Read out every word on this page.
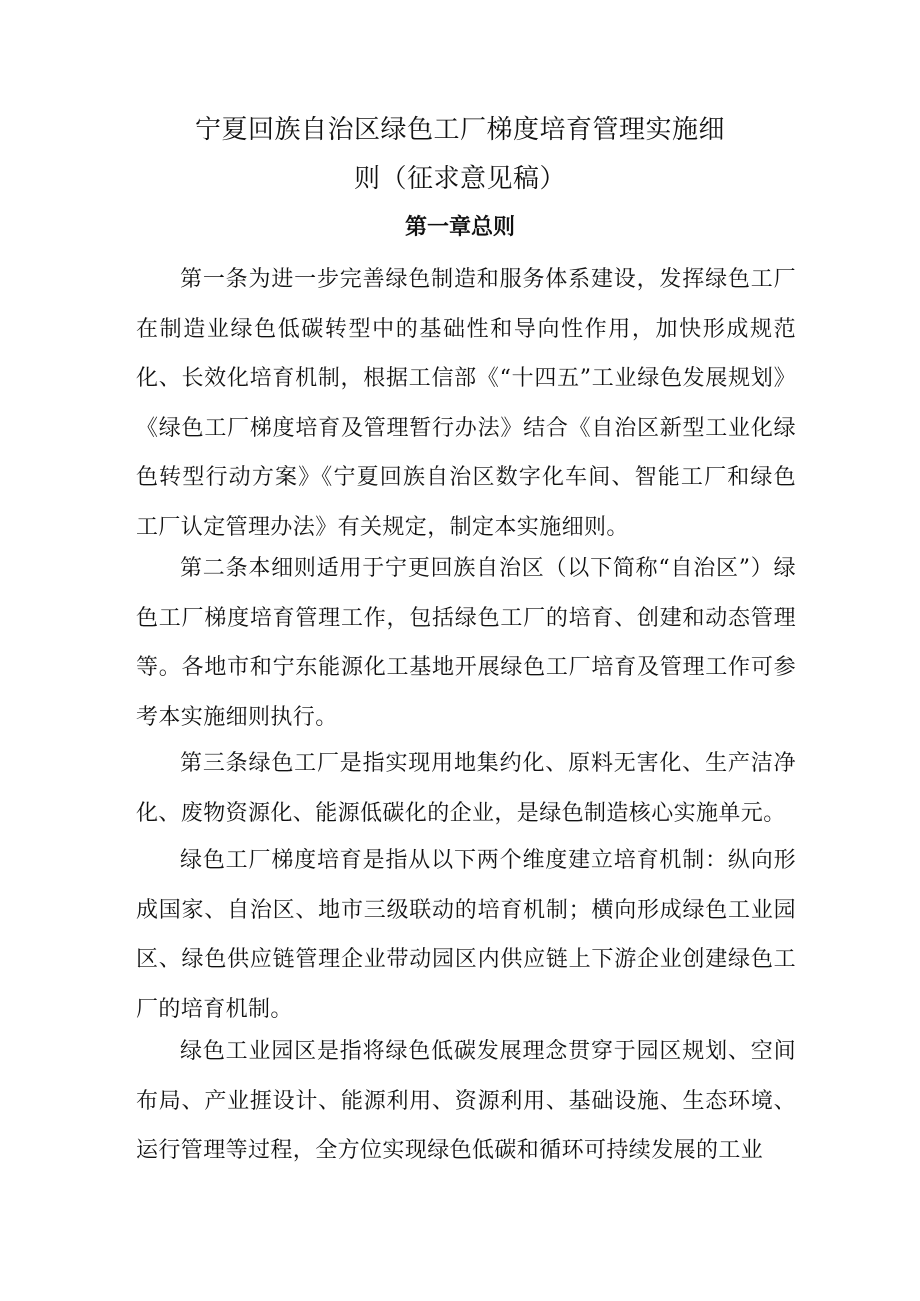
宁夏回族自治区绿色工厂梯度培育管理实施细
则（征求意见稿）
第一章总则

第一条为进一步完善绿色制造和服务体系建设，发挥绿色工厂在制造业绿色低碳转型中的基础性和导向性作用，加快形成规范化、长效化培育机制，根据工信部《“十四五”工业绿色发展规划》《绿色工厂梯度培育及管理暂行办法》结合《自治区新型工业化绿色转型行动方案》《宁夏回族自治区数字化车间、智能工厂和绿色工厂认定管理办法》有关规定，制定本实施细则。

第二条本细则适用于宁更回族自治区（以下简称“自治区”）绿色工厂梯度培育管理工作，包括绿色工厂的培育、创建和动态管理等。各地市和宁东能源化工基地开展绿色工厂培育及管理工作可参考本实施细则执行。

第三条绿色工厂是指实现用地集约化、原料无害化、生产洁净化、废物资源化、能源低碳化的企业，是绿色制造核心实施单元。

绿色工厂梯度培育是指从以下两个维度建立培育机制：纵向形成国家、自治区、地市三级联动的培育机制；横向形成绿色工业园区、绿色供应链管理企业带动园区内供应链上下游企业创建绿色工厂的培育机制。

绿色工业园区是指将绿色低碳发展理念贯穿于园区规划、空间布局、产业捱设计、能源利用、资源利用、基础设施、生态环境、运行管理等过程，全方位实现绿色低碳和循环可持续发展的工业
